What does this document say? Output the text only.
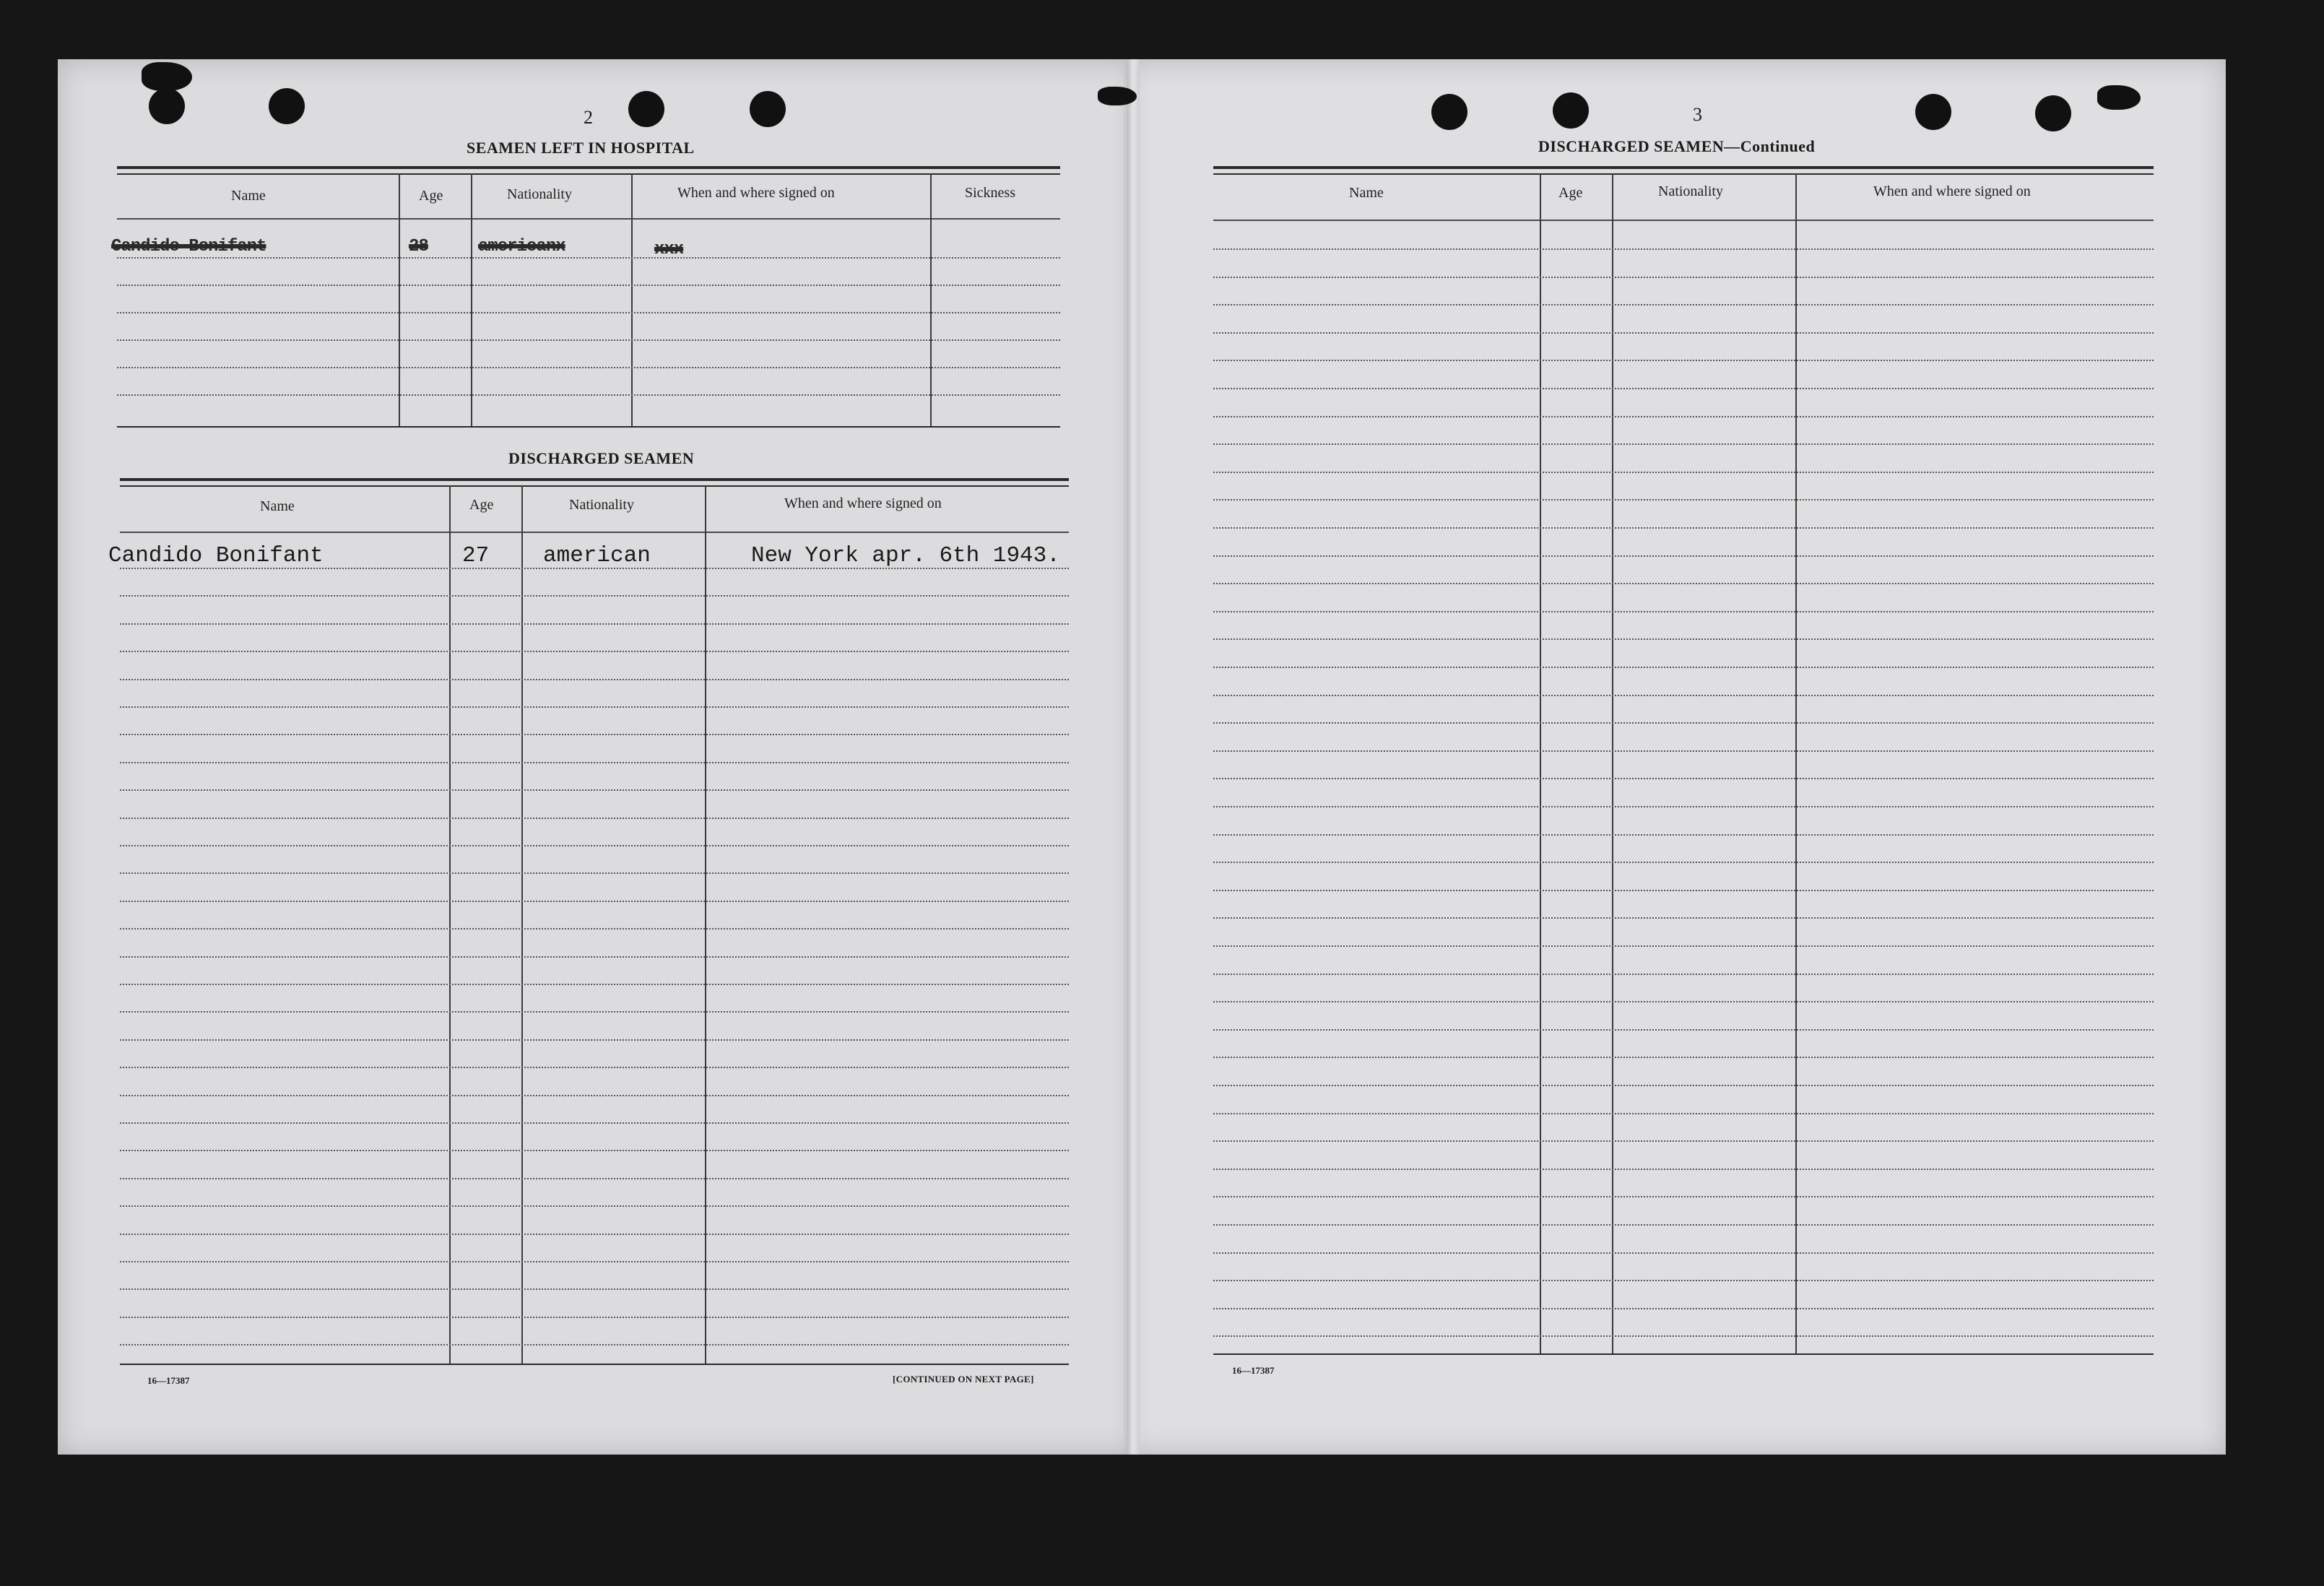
2
SEAMEN LEFT IN HOSPITAL
Name	Age	Nationality	When and where signed on	Sickness
Candido Bonifant	28	americanx	xxx
DISCHARGED SEAMEN
Name	Age	Nationality	When and where signed on
Candido Bonifant	27 american	New York apr. 6th 1943.
16—17387	[CONTINUED ON NEXT PAGE]
3
DISCHARGED SEAMEN—Continued
Name	Age	Nationality	When and where signed on
16—17387
